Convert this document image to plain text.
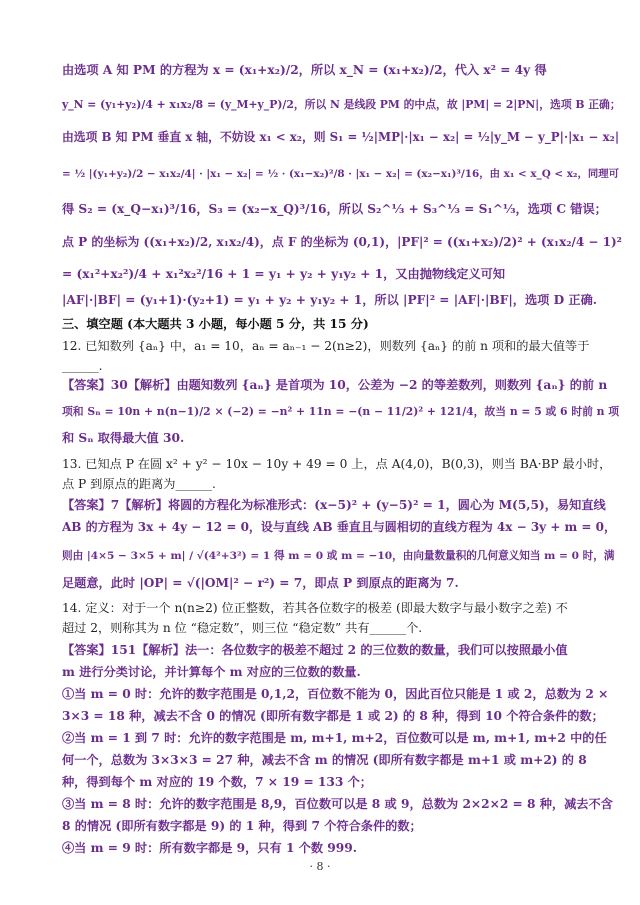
由选项 A 知 PM 的方程为 x = (x₁+x₂)/2，所以 x_N = (x₁+x₂)/2，代入 x² = 4y 得
y_N = (y₁+y₂)/4 + x₁x₂/8 = (y_M+y_P)/2，所以 N 是线段 PM 的中点，故 |PM| = 2|PN|，选项 B 正确；
由选项 B 知 PM 垂直 x 轴，不妨设 x₁ < x₂，则 S₁ = ½|MP|·|x₁ − x₂| = ½|y_M − y_P|·|x₁ − x₂|
= ½ |(y₁+y₂)/2 − x₁x₂/4| · |x₁ − x₂| = ½ · (x₁−x₂)²/8 · |x₁ − x₂| = (x₂−x₁)³/16，由 x₁ < x_Q < x₂，同理可
得 S₂ = (x_Q−x₁)³/16，S₃ = (x₂−x_Q)³/16，所以 S₂^⅓ + S₃^⅓ = S₁^⅓，选项 C 错误；
点 P 的坐标为 ((x₁+x₂)/2, x₁x₂/4)，点 F 的坐标为 (0,1)，|PF|² = ((x₁+x₂)/2)² + (x₁x₂/4 − 1)²
= (x₁²+x₂²)/4 + x₁²x₂²/16 + 1 = y₁ + y₂ + y₁y₂ + 1，又由抛物线定义可知
|AF|·|BF| = (y₁+1)·(y₂+1) = y₁ + y₂ + y₁y₂ + 1，所以 |PF|² = |AF|·|BF|，选项 D 正确.
三、填空题 (本大题共 3 小题，每小题 5 分，共 15 分)
12. 已知数列 {aₙ} 中，a₁ = 10，aₙ = aₙ₋₁ − 2(n≥2)，则数列 {aₙ} 的前 n 项和的最大值等于
______.
【答案】30【解析】由题知数列 {aₙ} 是首项为 10，公差为 −2 的等差数列，则数列 {aₙ} 的前 n
项和 Sₙ = 10n + n(n−1)/2 × (−2) = −n² + 11n = −(n − 11/2)² + 121/4，故当 n = 5 或 6 时前 n 项
和 Sₙ 取得最大值 30.
13. 已知点 P 在圆 x² + y² − 10x − 10y + 49 = 0 上，点 A(4,0)，B(0,3)，则当 BA·BP 最小时，
点 P 到原点的距离为______.
【答案】7【解析】将圆的方程化为标准形式：(x−5)² + (y−5)² = 1，圆心为 M(5,5)，易知直线
AB 的方程为 3x + 4y − 12 = 0，设与直线 AB 垂直且与圆相切的直线方程为 4x − 3y + m = 0，
则由 |4×5 − 3×5 + m| / √(4²+3²) = 1 得 m = 0 或 m = −10，由向量数量积的几何意义知当 m = 0 时，满
足题意，此时 |OP| = √(|OM|² − r²) = 7，即点 P 到原点的距离为 7.
14. 定义：对于一个 n(n≥2) 位正整数，若其各位数字的极差 (即最大数字与最小数字之差) 不
超过 2，则称其为 n 位 “稳定数”，则三位 “稳定数” 共有______个.
【答案】151【解析】法一：各位数字的极差不超过 2 的三位数的数量，我们可以按照最小值
m 进行分类讨论，并计算每个 m 对应的三位数的数量.
①当 m = 0 时：允许的数字范围是 0,1,2，百位数不能为 0，因此百位只能是 1 或 2，总数为 2 ×
3×3 = 18 种，减去不含 0 的情况 (即所有数字都是 1 或 2) 的 8 种，得到 10 个符合条件的数；
②当 m = 1 到 7 时：允许的数字范围是 m, m+1, m+2，百位数可以是 m, m+1, m+2 中的任
何一个，总数为 3×3×3 = 27 种，减去不含 m 的情况 (即所有数字都是 m+1 或 m+2) 的 8
种，得到每个 m 对应的 19 个数，7 × 19 = 133 个；
③当 m = 8 时：允许的数字范围是 8,9，百位数可以是 8 或 9，总数为 2×2×2 = 8 种，减去不含
8 的情况 (即所有数字都是 9) 的 1 种，得到 7 个符合条件的数；
④当 m = 9 时：所有数字都是 9，只有 1 个数 999.
· 8 ·
